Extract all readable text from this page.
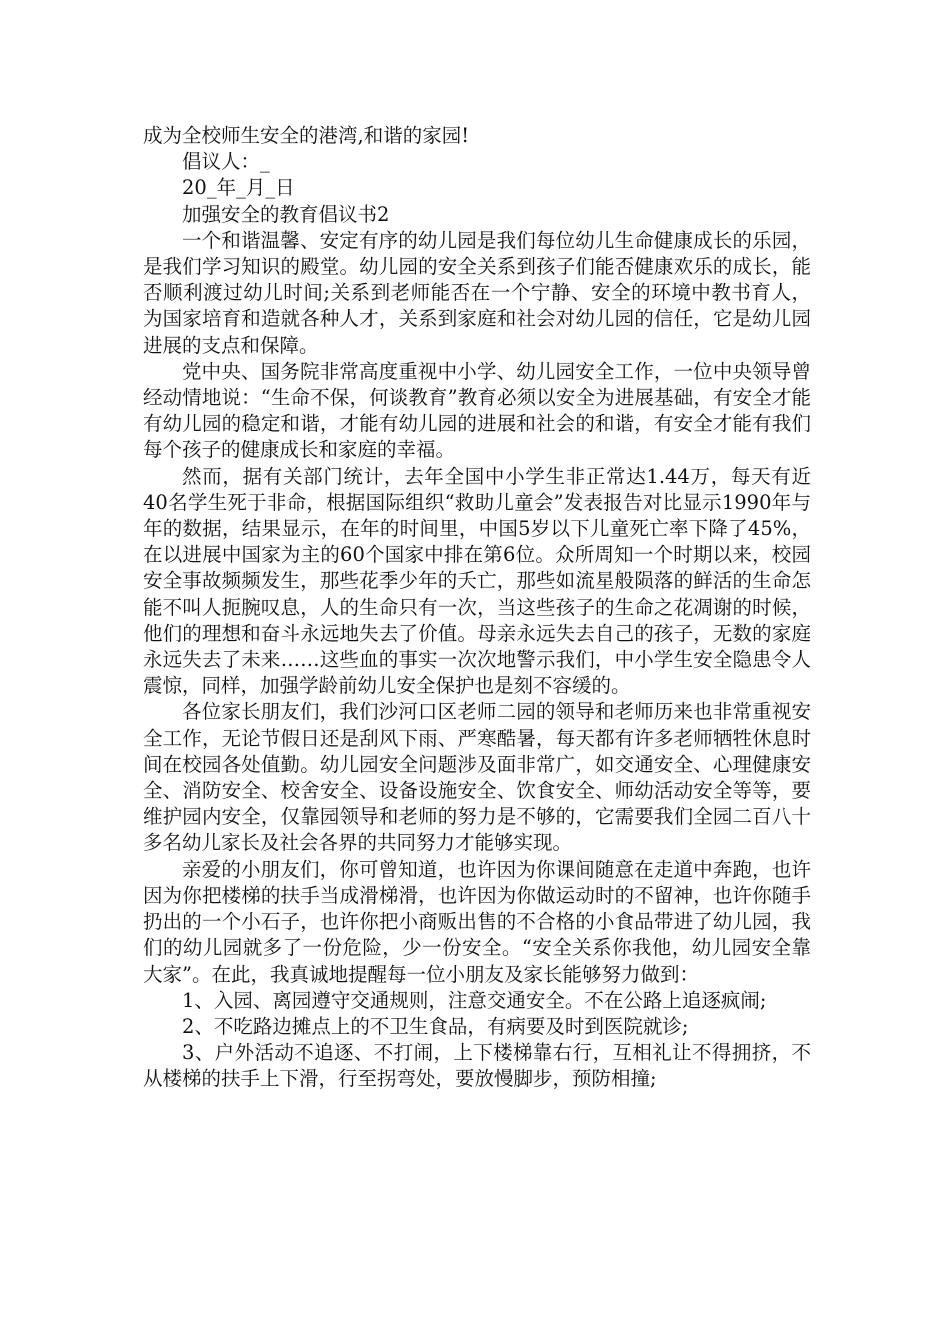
成为全校师生安全的港湾,和谐的家园!

倡议人：_

20_年_月_日

加强安全的教育倡议书2

一个和谐温馨、安定有序的幼儿园是我们每位幼儿生命健康成长的乐园，是我们学习知识的殿堂。幼儿园的安全关系到孩子们能否健康欢乐的成长，能否顺利渡过幼儿时间;关系到老师能否在一个宁静、安全的环境中教书育人，为国家培育和造就各种人才，关系到家庭和社会对幼儿园的信任，它是幼儿园进展的支点和保障。

党中央、国务院非常高度重视中小学、幼儿园安全工作，一位中央领导曾经动情地说：“生命不保，何谈教育”教育必须以安全为进展基础，有安全才能有幼儿园的稳定和谐，才能有幼儿园的进展和社会的和谐，有安全才能有我们每个孩子的健康成长和家庭的幸福。

然而，据有关部门统计，去年全国中小学生非正常达1.44万，每天有近40名学生死于非命，根据国际组织“救助儿童会”发表报告对比显示1990年与年的数据，结果显示，在年的时间里，中国5岁以下儿童死亡率下降了45%，在以进展中国家为主的60个国家中排在第6位。众所周知一个时期以来，校园安全事故频频发生，那些花季少年的夭亡，那些如流星般陨落的鲜活的生命怎能不叫人扼腕叹息，人的生命只有一次，当这些孩子的生命之花凋谢的时候，他们的理想和奋斗永远地失去了价值。母亲永远失去自己的孩子，无数的家庭永远失去了未来……这些血的事实一次次地警示我们，中小学生安全隐患令人震惊，同样，加强学龄前幼儿安全保护也是刻不容缓的。

各位家长朋友们，我们沙河口区老师二园的领导和老师历来也非常重视安全工作，无论节假日还是刮风下雨、严寒酷暑，每天都有许多老师牺牲休息时间在校园各处值勤。幼儿园安全问题涉及面非常广，如交通安全、心理健康安全、消防安全、校舍安全、设备设施安全、饮食安全、师幼活动安全等等，要维护园内安全，仅靠园领导和老师的努力是不够的，它需要我们全园二百八十多名幼儿家长及社会各界的共同努力才能够实现。

亲爱的小朋友们，你可曾知道，也许因为你课间随意在走道中奔跑，也许因为你把楼梯的扶手当成滑梯滑，也许因为你做运动时的不留神，也许你随手扔出的一个小石子，也许你把小商贩出售的不合格的小食品带进了幼儿园，我们的幼儿园就多了一份危险，少一份安全。“安全关系你我他，幼儿园安全靠大家”。在此，我真诚地提醒每一位小朋友及家长能够努力做到：

1、入园、离园遵守交通规则，注意交通安全。不在公路上追逐疯闹;

2、不吃路边摊点上的不卫生食品，有病要及时到医院就诊;

3、户外活动不追逐、不打闹，上下楼梯靠右行，互相礼让不得拥挤，不从楼梯的扶手上下滑，行至拐弯处，要放慢脚步，预防相撞;
